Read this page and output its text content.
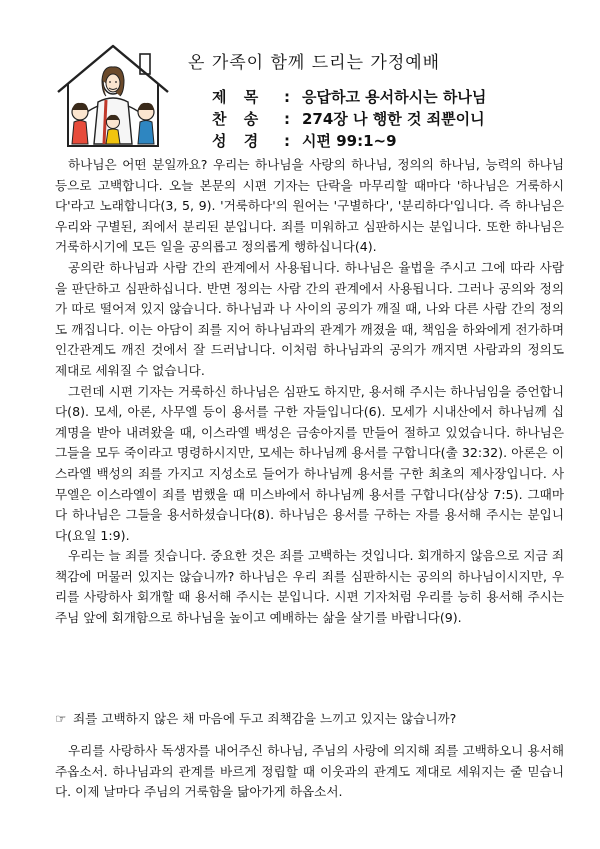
온 가족이 함께 드리는 가정예배
제 목 : 응답하고 용서하시는 하나님
찬 송 : 274장 나 행한 것 죄뿐이니
성 경 : 시편 99:1~9

하나님은 어떤 분일까요? 우리는 하나님을 사랑의 하나님, 정의의 하나님, 능력의 하나님 등으로 고백합니다. 오늘 본문의 시편 기자는 단락을 마무리할 때마다 '하나님은 거룩하시다'라고 노래합니다(3, 5, 9). '거룩하다'의 원어는 '구별하다', '분리하다'입니다. 즉 하나님은 우리와 구별된, 죄에서 분리된 분입니다. 죄를 미워하고 심판하시는 분입니다. 또한 하나님은 거룩하시기에 모든 일을 공의롭고 정의롭게 행하십니다(4).

공의란 하나님과 사람 간의 관계에서 사용됩니다. 하나님은 율법을 주시고 그에 따라 사람을 판단하고 심판하십니다. 반면 정의는 사람 간의 관계에서 사용됩니다. 그러나 공의와 정의가 따로 떨어져 있지 않습니다. 하나님과 나 사이의 공의가 깨질 때, 나와 다른 사람 간의 정의도 깨집니다. 이는 아담이 죄를 지어 하나님과의 관계가 깨졌을 때, 책임을 하와에게 전가하며 인간관계도 깨진 것에서 잘 드러납니다. 이처럼 하나님과의 공의가 깨지면 사람과의 정의도 제대로 세워질 수 없습니다.

그런데 시편 기자는 거룩하신 하나님은 심판도 하지만, 용서해 주시는 하나님임을 증언합니다(8). 모세, 아론, 사무엘 등이 용서를 구한 자들입니다(6). 모세가 시내산에서 하나님께 십계명을 받아 내려왔을 때, 이스라엘 백성은 금송아지를 만들어 절하고 있었습니다. 하나님은 그들을 모두 죽이라고 명령하시지만, 모세는 하나님께 용서를 구합니다(출 32:32). 아론은 이스라엘 백성의 죄를 가지고 지성소로 들어가 하나님께 용서를 구한 최초의 제사장입니다. 사무엘은 이스라엘이 죄를 범했을 때 미스바에서 하나님께 용서를 구합니다(삼상 7:5). 그때마다 하나님은 그들을 용서하셨습니다(8). 하나님은 용서를 구하는 자를 용서해 주시는 분입니다(요일 1:9).

우리는 늘 죄를 짓습니다. 중요한 것은 죄를 고백하는 것입니다. 회개하지 않음으로 지금 죄책감에 머물러 있지는 않습니까? 하나님은 우리 죄를 심판하시는 공의의 하나님이시지만, 우리를 사랑하사 회개할 때 용서해 주시는 분입니다. 시편 기자처럼 우리를 능히 용서해 주시는 주님 앞에 회개함으로 하나님을 높이고 예배하는 삶을 살기를 바랍니다(9).

☞ 죄를 고백하지 않은 채 마음에 두고 죄책감을 느끼고 있지는 않습니까?
우리를 사랑하사 독생자를 내어주신 하나님, 주님의 사랑에 의지해 죄를 고백하오니 용서해 주옵소서. 하나님과의 관계를 바르게 정립할 때 이웃과의 관계도 제대로 세워지는 줄 믿습니다. 이제 날마다 주님의 거룩함을 닮아가게 하옵소서.
